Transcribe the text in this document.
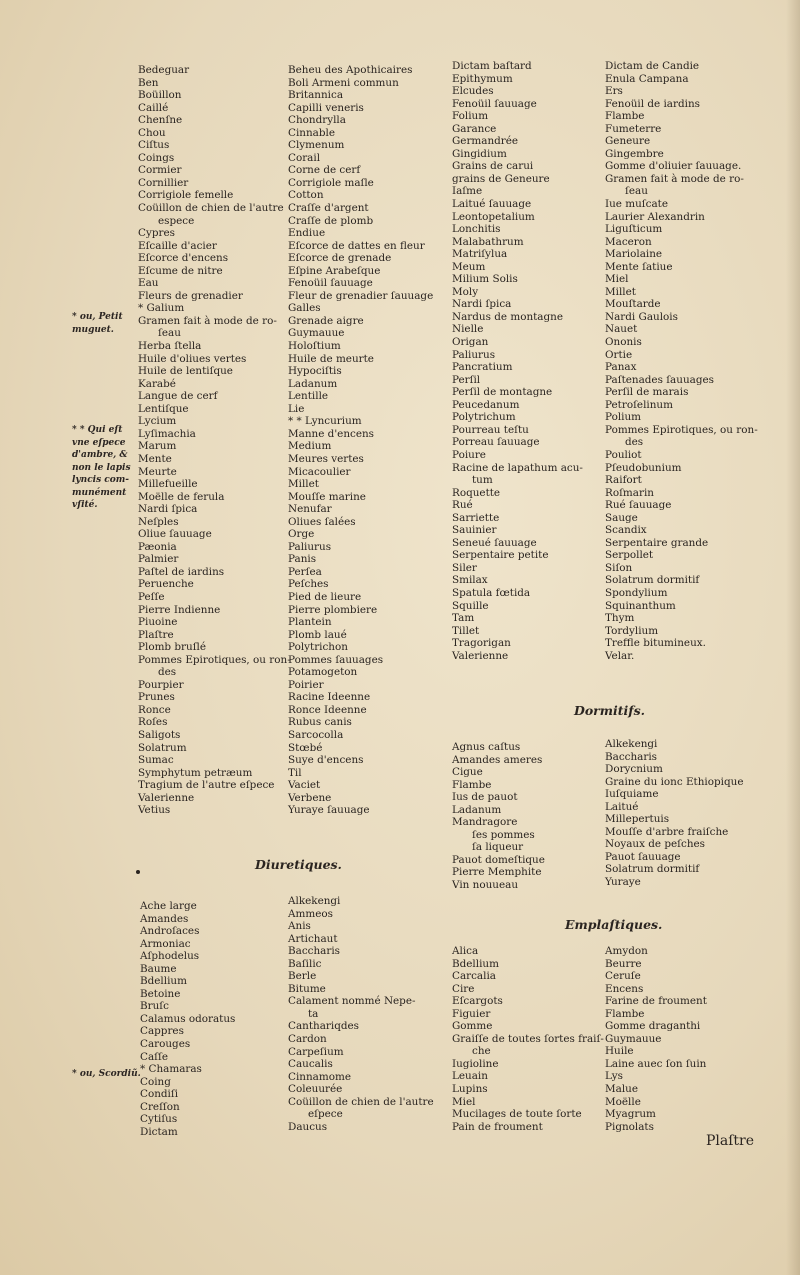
Bedeguar
Ben
Boüillon
Caillé
Chenſne
Chou
Ciſtus
Coings
Cormier
Cornillier
Corrigiole femelle
Coüillon de chien de l'autre
espece
Cypres
Eſcaille d'acier
Eſcorce d'encens
Eſcume de nitre
Eau
Fleurs de grenadier
* Galium
Gramen fait à mode de ro-
ſeau
Herba ſtella
Huile d'oliues vertes
Huile de lentiſque
Karabé
Langue de cerf
Lentiſque
Lycium
Lyſimachia
Marum
Mente
Meurte
Millefueille
Moëlle de ferula
Nardi ſpica
Neſples
Oliue ſauuage
Pæonia
Palmier
Paſtel de iardins
Peruenche
Peſſe
Pierre Indienne
Piuoine
Plaſtre
Plomb bruſlé
Pommes Epirotiques, ou ron-
des
Pourpier
Prunes
Ronce
Roſes
Saligots
Solatrum
Sumac
Symphytum petræum
Tragium de l'autre eſpece
Valerienne
Vetius
Beheu des Apothicaires
Boli Armeni commun
Britannica
Capilli veneris
Chondrylla
Cinnable
Clymenum
Corail
Corne de cerf
Corrigiole maſle
Cotton
Craſſe d'argent
Craſſe de plomb
Endiue
Eſcorce de dattes en fleur
Eſcorce de grenade
Eſpine Arabeſque
Fenoüil ſauuage
Fleur de grenadier ſauuage
Galles
Grenade aigre
Guymauue
Holoſtium
Huile de meurte
Hypociſtis
Ladanum
Lentille
Lie
* * Lyncurium
Manne d'encens
Medium
Meures vertes
Micacoulier
Millet
Mouſſe marine
Nenufar
Oliues ſalées
Orge
Paliurus
Panis
Perſea
Peſches
Pied de lieure
Pierre plombiere
Plantein
Plomb laué
Polytrichon
Pommes ſauuages
Potamogeton
Poirier
Racine Ideenne
Ronce Ideenne
Rubus canis
Sarcocolla
Stœbé
Suye d'encens
Til
Vaciet
Verbene
Yuraye ſauuage
* ou, Petit
muguet.
* * Qui eſt
vne eſpece
d'ambre, &
non le lapis
lyncis com-
munément
vſité.
Diuretiques.
Ache large
Amandes
Androſaces
Armoniac
Aſphodelus
Baume
Bdellium
Betoine
Bruſc
Calamus odoratus
Cappres
Carouges
Caſſe
* Chamaras
Coing
Condiſi
Creſſon
Cytiſus
Dictam
Alkekengi
Ammeos
Anis
Artichaut
Baccharis
Baſilic
Berle
Bitume
Calament nommé Nepe-
ta
Canthariqdes
Cardon
Carpeſium
Caucalis
Cinnamome
Coleuurée
Coüillon de chien de l'autre
eſpece
Daucus
* ou, Scordiũ.
Dictam baſtard
Epithymum
Elcudes
Fenoüil ſauuage
Folium
Garance
Germandrée
Gingidium
Grains de carui
grains de Geneure
Iaſme
Laitué ſauuage
Leontopetalium
Lonchitis
Malabathrum
Matriſylua
Meum
Milium Solis
Moly
Nardi ſpica
Nardus de montagne
Nielle
Origan
Paliurus
Pancratium
Perſil
Perſil de montagne
Peucedanum
Polytrichum
Pourreau teſtu
Porreau ſauuage
Poiure
Racine de lapathum acu-
tum
Roquette
Rué
Sarriette
Sauinier
Seneué ſauuage
Serpentaire petite
Siler
Smilax
Spatula fœtida
Squille
Tam
Tillet
Tragorigan
Valerienne
Dictam de Candie
Enula Campana
Ers
Fenoüil de iardins
Flambe
Fumeterre
Geneure
Gingembre
Gomme d'oliuier ſauuage.
Gramen fait à mode de ro-
ſeau
Iue muſcate
Laurier Alexandrin
Liguſticum
Maceron
Mariolaine
Mente ſatiue
Miel
Millet
Mouſtarde
Nardi Gaulois
Nauet
Ononis
Ortie
Panax
Paſtenades ſauuages
Perſil de marais
Petroſelinum
Polium
Pommes Epirotiques, ou ron-
des
Pouliot
Pſeudobunium
Raifort
Roſmarin
Rué ſauuage
Sauge
Scandix
Serpentaire grande
Serpollet
Siſon
Solatrum dormitif
Spondylium
Squinanthum
Thym
Tordylium
Treffle bitumineux.
Velar.
Dormitifs.
Agnus caſtus
Amandes ameres
Cigue
Flambe
Ius de pauot
Ladanum
Mandragore
ſes pommes
ſa liqueur
Pauot domeſtique
Pierre Memphite
Vin nouueau
Alkekengi
Baccharis
Dorycnium
Graine du ionc Ethiopique
Iuſquiame
Laitué
Millepertuis
Mouſſe d'arbre fraiſche
Noyaux de peſches
Pauot ſauuage
Solatrum dormitif
Yuraye
Emplaſtiques.
Alica
Bdellium
Carcalia
Cire
Eſcargots
Figuier
Gomme
Graiſſe de toutes ſortes fraiſ-
che
Iugioline
Leuain
Lupins
Miel
Mucilages de toute ſorte
Pain de froument
Amydon
Beurre
Ceruſe
Encens
Farine de froument
Flambe
Gomme draganthi
Guymauue
Huile
Laine auec ſon ſuin
Lys
Malue
Moëlle
Myagrum
Pignolats
Plaſtre
